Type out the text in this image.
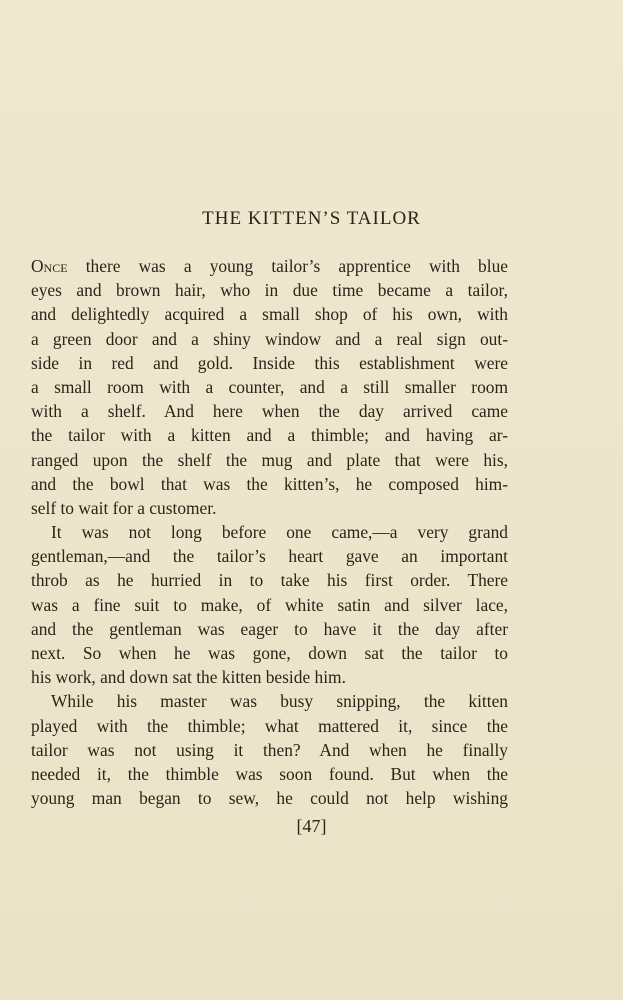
THE KITTEN’S TAILOR
Once there was a young tailor’s apprentice with blue
eyes and brown hair, who in due time became a tailor,
and delightedly acquired a small shop of his own, with
a green door and a shiny window and a real sign out-
side in red and gold. Inside this establishment were
a small room with a counter, and a still smaller room
with a shelf. And here when the day arrived came
the tailor with a kitten and a thimble; and having ar-
ranged upon the shelf the mug and plate that were his,
and the bowl that was the kitten’s, he composed him-
self to wait for a customer.
It was not long before one came,—a very grand
gentleman,—and the tailor’s heart gave an important
throb as he hurried in to take his first order. There
was a fine suit to make, of white satin and silver lace,
and the gentleman was eager to have it the day after
next. So when he was gone, down sat the tailor to
his work, and down sat the kitten beside him.
While his master was busy snipping, the kitten
played with the thimble; what mattered it, since the
tailor was not using it then? And when he finally
needed it, the thimble was soon found. But when the
young man began to sew, he could not help wishing
[47]
